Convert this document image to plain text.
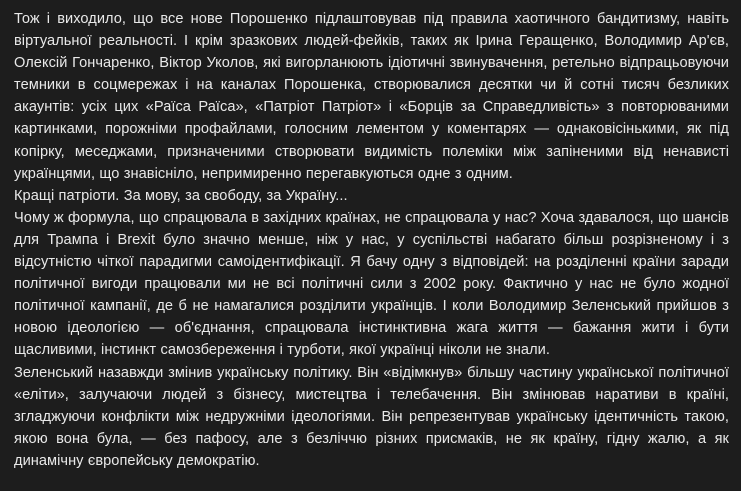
Тож і виходило, що все нове Порошенко підлаштовував під правила хаотичного бандитизму, навіть віртуальної реальності. І крім зразкових людей-фейків, таких як Ірина Геращенко, Володимир Ар'єв, Олексій Гончаренко, Віктор Уколов, які вигорланюють ідіотичні звинувачення, ретельно відпрацьовуючи темники в соцмережах і на каналах Порошенка, створювалися десятки чи й сотні тисяч безликих акаунтів: усіх цих «Раїса Раїса», «Патріот Патріот» і «Борців за Справедливість» з повторюваними картинками, порожніми профайлами, голосним лементом у коментарях — однаковісінькими, як під копірку, меседжами, призначеними створювати видимість полеміки між запіненими від ненависті українцями, що знавісніло, непримиренно перегавкуються одне з одним.

Кращі патріоти. За мову, за свободу, за Україну...

Чому ж формула, що спрацювала в західних країнах, не спрацювала у нас? Хоча здавалося, що шансів для Трампа і Brexit було значно менше, ніж у нас, у суспільстві набагато більш розрізненому і з відсутністю чіткої парадигми самоідентифікації. Я бачу одну з відповідей: на розділенні країни заради політичної вигоди працювали ми не всі політичні сили з 2002 року. Фактично у нас не було жодної політичної кампанії, де б не намагалися розділити українців. І коли Володимир Зеленський прийшов з новою ідеологією — об'єднання, спрацювала інстинктивна жага життя — бажання жити і бути щасливими, інстинкт самозбереження і турботи, якої українці ніколи не знали.

Зеленський назавжди змінив українську політику. Він «відімкнув» більшу частину української політичної «еліти», залучаючи людей з бізнесу, мистецтва і телебачення. Він змінював наративи в країні, згладжуючи конфлікти між недружніми ідеологіями. Він репрезентував українську ідентичність такою, якою вона була, — без пафосу, але з безліччю різних присмаків, не як країну, гідну жалю, а як динамічну європейську демократію.
